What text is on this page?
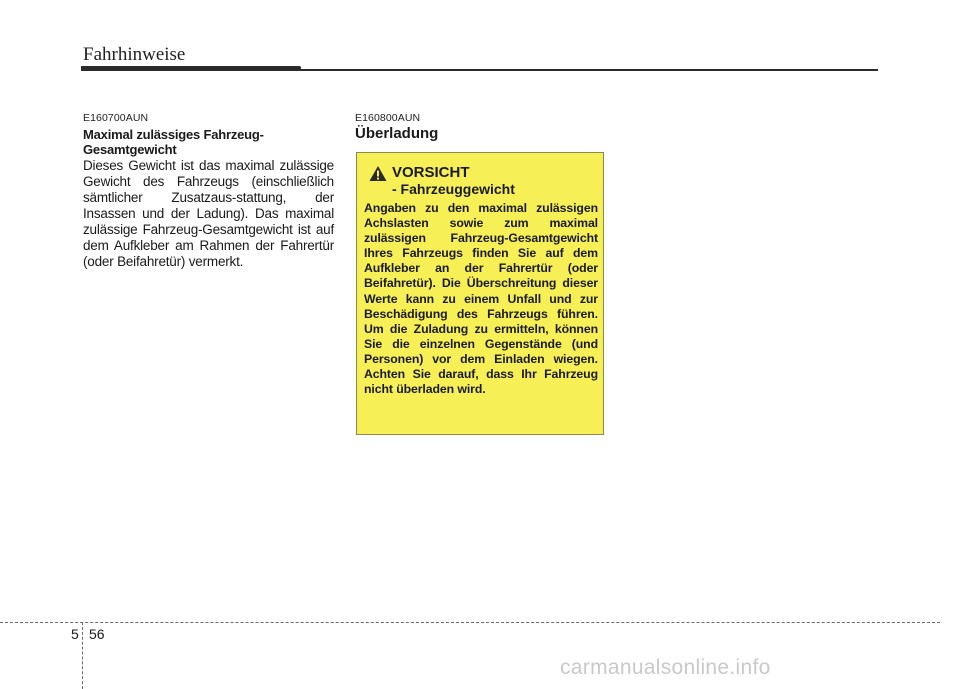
Fahrhinweise
E160700AUN
Maximal zulässiges Fahrzeug-
Gesamtgewicht
Dieses Gewicht ist das maximal zulässige Gewicht des Fahrzeugs (einschließlich sämtlicher Zusatzaus-stattung, der Insassen und der Ladung). Das maximal zulässige Fahrzeug-Gesamtgewicht ist auf dem Aufkleber am Rahmen der Fahrertür (oder Beifahretür) vermerkt.
E160800AUN
Überladung
VORSICHT
- Fahrzeuggewicht
Angaben zu den maximal zulässigen Achslasten sowie zum maximal zulässigen Fahrzeug-Gesamtgewicht Ihres Fahrzeugs finden Sie auf dem Aufkleber an der Fahrertür (oder Beifahretür). Die Überschreitung dieser Werte kann zu einem Unfall und zur Beschädigung des Fahrzeugs führen. Um die Zuladung zu ermitteln, können Sie die einzelnen Gegenstände (und Personen) vor dem Einladen wiegen. Achten Sie darauf, dass Ihr Fahrzeug nicht überladen wird.
5 56
carmanualsonline.info
